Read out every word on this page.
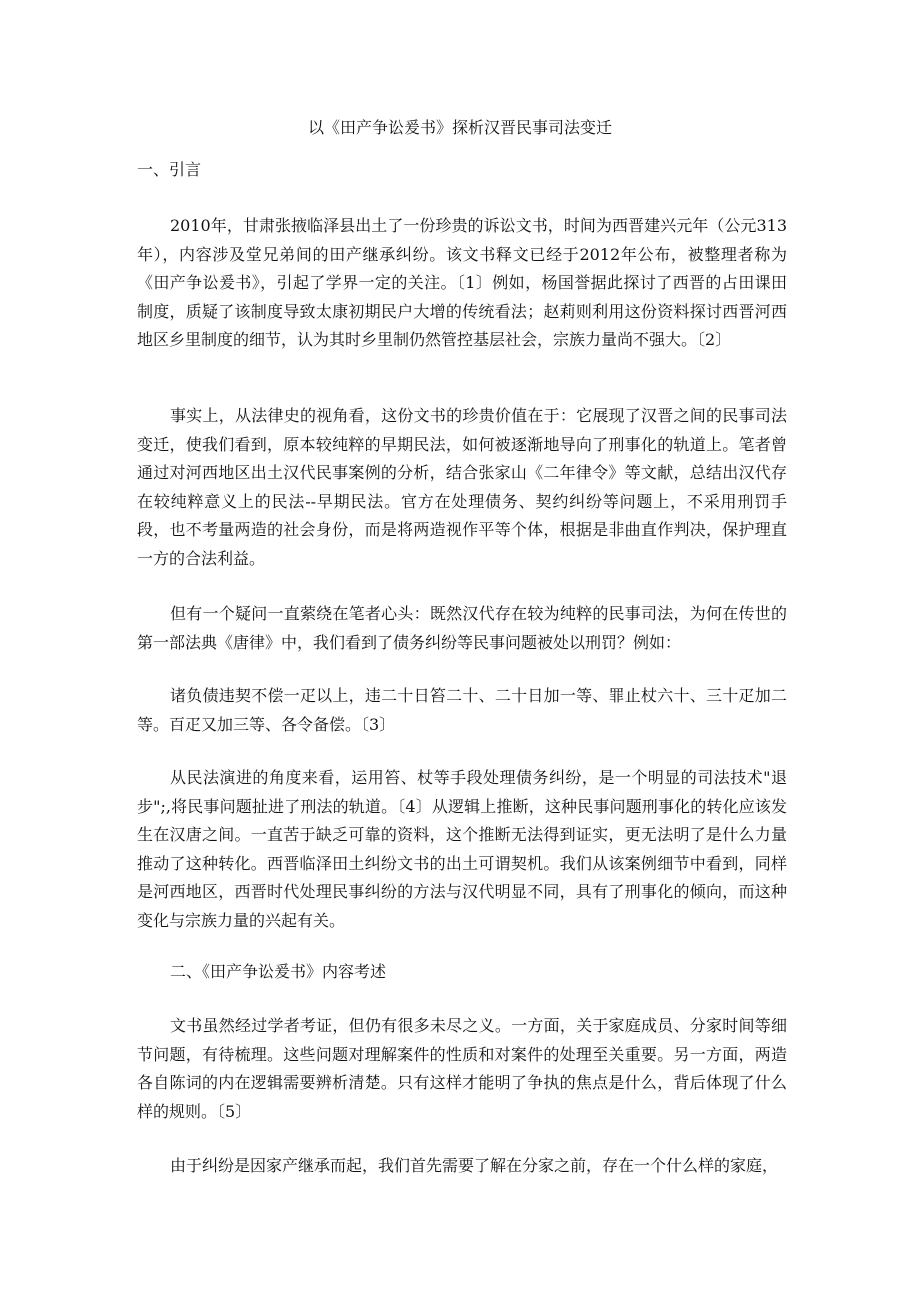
以《田产争讼爰书》探析汉晋民事司法变迁
一、引言

2010年，甘肃张掖临泽县出土了一份珍贵的诉讼文书，时间为西晋建兴元年（公元313年），内容涉及堂兄弟间的田产继承纠纷。该文书释文已经于2012年公布，被整理者称为《田产争讼爰书》，引起了学界一定的关注。〔1〕例如，杨国誉据此探讨了西晋的占田课田制度，质疑了该制度导致太康初期民户大增的传统看法；赵莉则利用这份资料探讨西晋河西地区乡里制度的细节，认为其时乡里制仍然管控基层社会，宗族力量尚不强大。〔2〕

事实上，从法律史的视角看，这份文书的珍贵价值在于：它展现了汉晋之间的民事司法变迁，使我们看到，原本较纯粹的早期民法，如何被逐渐地导向了刑事化的轨道上。笔者曾通过对河西地区出土汉代民事案例的分析，结合张家山《二年律令》等文献，总结出汉代存在较纯粹意义上的民法--早期民法。官方在处理债务、契约纠纷等问题上，不采用刑罚手段，也不考量两造的社会身份，而是将两造视作平等个体，根据是非曲直作判决，保护理直一方的合法利益。

但有一个疑问一直萦绕在笔者心头：既然汉代存在较为纯粹的民事司法，为何在传世的第一部法典《唐律》中，我们看到了债务纠纷等民事问题被处以刑罚？例如：

诸负债违契不偿一疋以上，违二十日笞二十、二十日加一等、罪止杖六十、三十疋加二等。百疋又加三等、各令备偿。〔3〕

从民法演进的角度来看，运用笞、杖等手段处理债务纠纷，是一个明显的司法技术"退步";,将民事问题扯进了刑法的轨道。〔4〕从逻辑上推断，这种民事问题刑事化的转化应该发生在汉唐之间。一直苦于缺乏可靠的资料，这个推断无法得到证实，更无法明了是什么力量推动了这种转化。西晋临泽田土纠纷文书的出土可谓契机。我们从该案例细节中看到，同样是河西地区，西晋时代处理民事纠纷的方法与汉代明显不同，具有了刑事化的倾向，而这种变化与宗族力量的兴起有关。

二、《田产争讼爰书》内容考述

文书虽然经过学者考证，但仍有很多未尽之义。一方面，关于家庭成员、分家时间等细节问题，有待梳理。这些问题对理解案件的性质和对案件的处理至关重要。另一方面，两造各自陈词的内在逻辑需要辨析清楚。只有这样才能明了争执的焦点是什么，背后体现了什么样的规则。〔5〕

由于纠纷是因家产继承而起，我们首先需要了解在分家之前，存在一个什么样的家庭，
